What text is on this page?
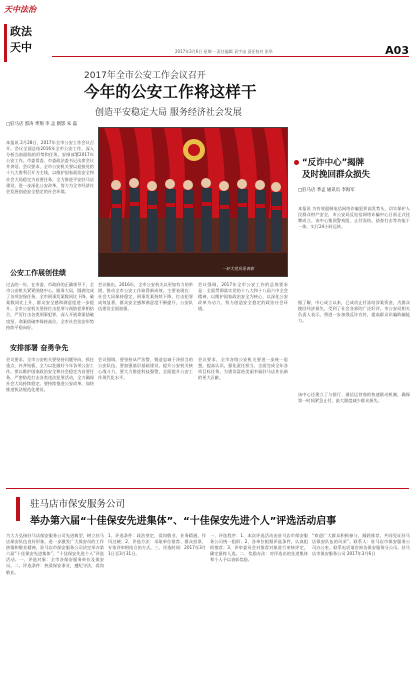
天中法治
政法
天中	2017年3月6日 星期一 责任编辑 袁宇宙 责任校对 张华	A03
2017年全市公安工作会议召开
今年的公安工作将这样干
创造平安稳定大局 服务经济社会发展
□驻马店 郭涛 季翔 李 孟 摄影 朱 磊
本报讯 2月28日，2017年全市公安工作会议召开。会议全面总结2016年全市公安工作，深入分析当前面临的形势和任务，安排部署2017年公安工作。市委常委、市委政法委书记出席会议并讲话。会议要求，全市公安机关要以迎接党的十九大胜利召开为主线，以维护国家政治安全和社会大局稳定为首要任务，全力推进平安驻马店建设，进一步深化公安改革，努力为全市经济社会发展创造安全稳定的社会环境。
一好大党员见表彰
公安工作展创佳绩
过去的一年，在市委、市政府的正确领导下，全市公安机关紧紧围绕中心，服务大局，圆满完成了各项安保任务，全市刑事发案数同比下降，破案数同比上升，群众安全感和满意度进一步提升。全市公安机关坚持打击犯罪与预防犯罪相结合，严厉打击各类刑事犯罪，深入开展命案侦破攻坚，命案侦破率保持高位。全市社会治安形势持续平稳向好。
会议指出，2016年，全市公安机关以更加有力的举措，推动全市公安工作取得新成效。主要表现在：社会大局保持稳定，刑事发案持续下降，打击犯罪成效显著，群众安全感和满意度不断提升，公安队伍建设全面加强。
会议强调，2017年全市公安工作的总体要求是：全面贯彻落实党的十八大和十八届六中全会精神，以维护国家政治安全为核心，以深化公安改革为动力，努力创造安全稳定的政治社会环境。
安排部署 奋勇争先
会议要求，全市公安机关要坚持问题导向，抓住重点，补齐短板，全力以赴做好今年各项公安工作。要以维护国家政治安全和社会稳定为首要任务，严密防范打击各类违法犯罪活动，全力确保社会大局持续稳定。要持续推进公安改革，加快推进执法规范化建设。
会议强调，要坚持从严治警，锻造忠诚干净担当的公安队伍。要加强基层基础建设，提升公安机关核心战斗力。要大力推进科技强警，全面提升公安工作现代化水平。
会议要求，全市各级公安机关要进一步统一思想，提高认识，强化责任担当，全面完成全年各项目标任务，为建设富裕美丽幸福驻马店作出新的更大贡献。
“反诈中心”揭牌
及时挽回群众损失
□驻马店 季孟 通讯员 李海军
本报讯 为有效遏制电信网络诈骗犯罪高发势头，切实保护人民群众财产安全，市公安局反电信网络诈骗中心日前正式挂牌成立。该中心集预警劝阻、止付冻结、侦查打击等功能于一体，实行24小时运转。
据了解，中心成立以来，已成功止付冻结涉案资金，为群众挽回经济损失，受到了社会各界的广泛好评。市公安局相关负责人表示，将进一步加强反诈宣传，提高群众识骗防骗能力。
该中心还建立了与银行、通信运营商的快速联动机制，确保第一时间紧急止付，最大限度减少群众损失。
驻马店市保安服务公司
举办第六届“十佳保安先进集体”、“十佳保安先进个人”评选活动启事
为大力弘扬驻马店保安服务公司先进典型，树立驻马店保安队伍良好形象，进一步激发广大保安员的工作热情和敬业精神，驻马店市保安服务公司决定举办第六届“十佳保安先进集体”、“十佳保安先进个人”评选活动。一、评选对象：全市各保安服务单位及保安员。二、评选条件：热爱保安事业，遵纪守法，爱岗敬业。
1、评选条件：政治坚定，爱岗敬业，业务精通，作风过硬；2、评选方法：采取单位推荐、群众投票、专家评审相结合的方式。三、评选时间：2017年3月1日至3月31日。
一、评选程序：1、本次评选活动由驻马店市保安服务公司统一组织；2、各单位根据评选条件，认真组织推荐；3、评审委员会对推荐对象进行审核评定，确定最终人选。二、奖励办法：对评选出的先进集体和个人予以表彰奖励。
“欢迎广大群众积极参与，踊跃推荐，共同见证驻马店保安队伍的风采”。联系人：驻马店市保安服务公司办公室。联系电话请咨询各保安服务分公司。驻马店市保安服务公司 2017年3月6日
